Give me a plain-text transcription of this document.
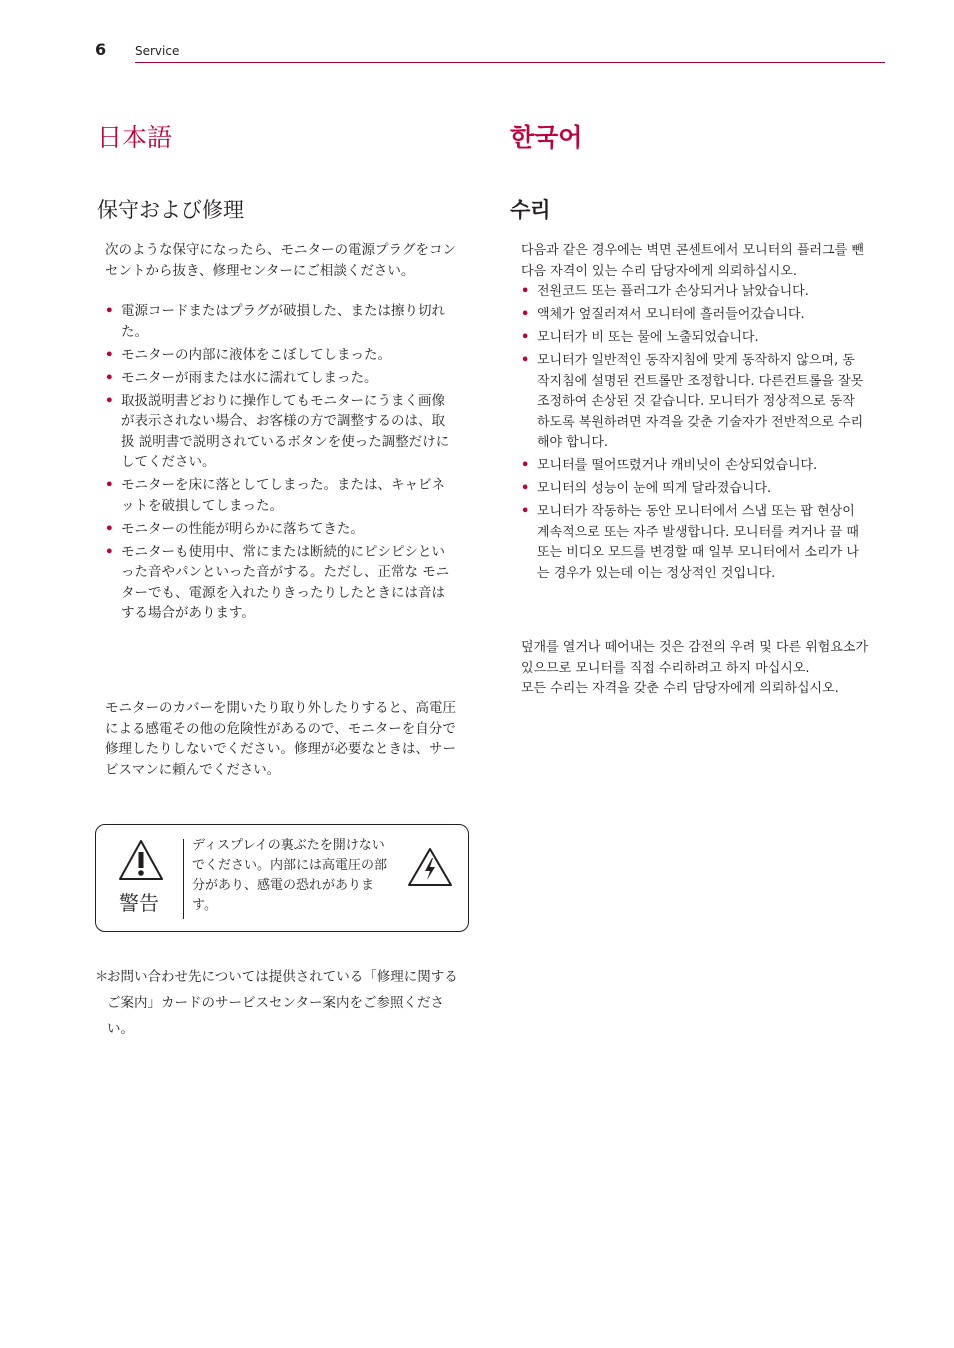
6 Service
日本語	한국어
保守および修理	수리
次のような保守になったら、モニターの電源プラグをコンセントから抜き、修理センターにご相談ください。
• 電源コードまたはプラグが破損した、または擦り切れた。
• モニターの内部に液体をこぼしてしまった。
• モニターが雨または水に濡れてしまった。
• 取扱説明書どおりに操作してもモニターにうまく画像が表示されない場合、お客様の方で調整するのは、取扱 説明書で説明されているボタンを使った調整だけにしてください。
• モニターを床に落としてしまった。または、キャビネットを破損してしまった。
• モニターの性能が明らかに落ちてきた。
• モニターも使用中、常にまたは断続的にピシピシといった音やパンといった音がする。ただし、正常な モニターでも、電源を入れたりきったりしたときには音はする場合があります。
モニターのカバーを開いたり取り外したりすると、高電圧による感電その他の危険性があるので、モニターを自分で修理したりしないでください。修理が必要なときは、サービスマンに頼んでください。
警告
ディスプレイの裏ぶたを開けないでください。内部には高電圧の部分があり、感電の恐れがあります。
＊
お問い合わせ先については提供されている「修理に関するご案内」カードのサービスセンター案内をご参照ください。
다음과 같은 경우에는 벽면 콘센트에서 모니터의 플러그를 뺀 다음 자격이 있는 수리 담당자에게 의뢰하십시오.
• 전원코드 또는 플러그가 손상되거나 낡았습니다.
• 액체가 엎질러져서 모니터에 흘러들어갔습니다.
• 모니터가 비 또는 물에 노출되었습니다.
• 모니터가 일반적인 동작지침에 맞게 동작하지 않으며, 동작지침에 설명된 컨트롤만 조정합니다. 다른컨트롤을 잘못 조정하여 손상된 것 같습니다. 모니터가 정상적으로 동작하도록 복원하려면 자격을 갖춘 기술자가 전반적으로 수리해야 합니다.
• 모니터를 떨어뜨렸거나 캐비닛이 손상되었습니다.
• 모니터의 성능이 눈에 띄게 달라졌습니다.
• 모니터가 작동하는 동안 모니터에서 스냅 또는 팝 현상이 계속적으로 또는 자주 발생합니다. 모니터를 켜거나 끌 때 또는 비디오 모드를 변경할 때 일부 모니터에서 소리가 나는 경우가 있는데 이는 정상적인 것입니다.

덮개를 열거나 떼어내는 것은 감전의 우려 및 다른 위험요소가 있으므로 모니터를 직접 수리하려고 하지 마십시오.

모든 수리는 자격을 갖춘 수리 담당자에게 의뢰하십시오.
